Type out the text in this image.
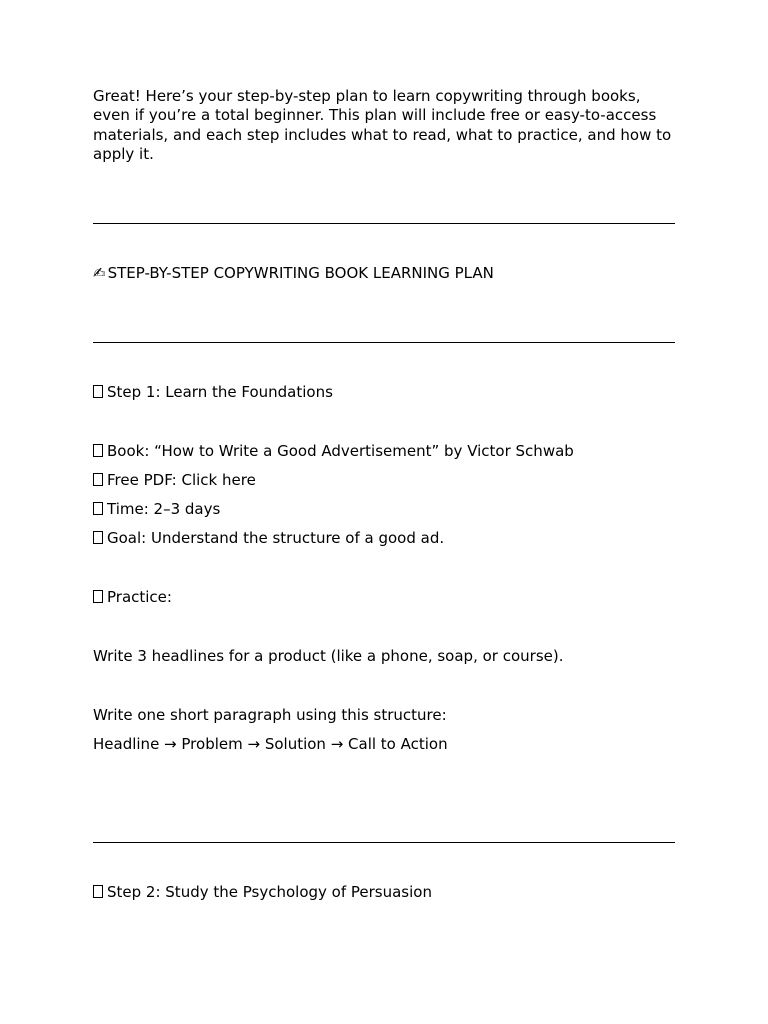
Great! Here’s your step-by-step plan to learn copywriting through books, even if you’re a total beginner. This plan will include free or easy-to-access materials, and each step includes what to read, what to practice, and how to apply it.

✍ STEP-BY-STEP COPYWRITING BOOK LEARNING PLAN

Step 1: Learn the Foundations

Book: “How to Write a Good Advertisement” by Victor Schwab

Free PDF: Click here

Time: 2–3 days

Goal: Understand the structure of a good ad.

Practice:

Write 3 headlines for a product (like a phone, soap, or course).

Write one short paragraph using this structure:

Headline → Problem → Solution → Call to Action

Step 2: Study the Psychology of Persuasion
